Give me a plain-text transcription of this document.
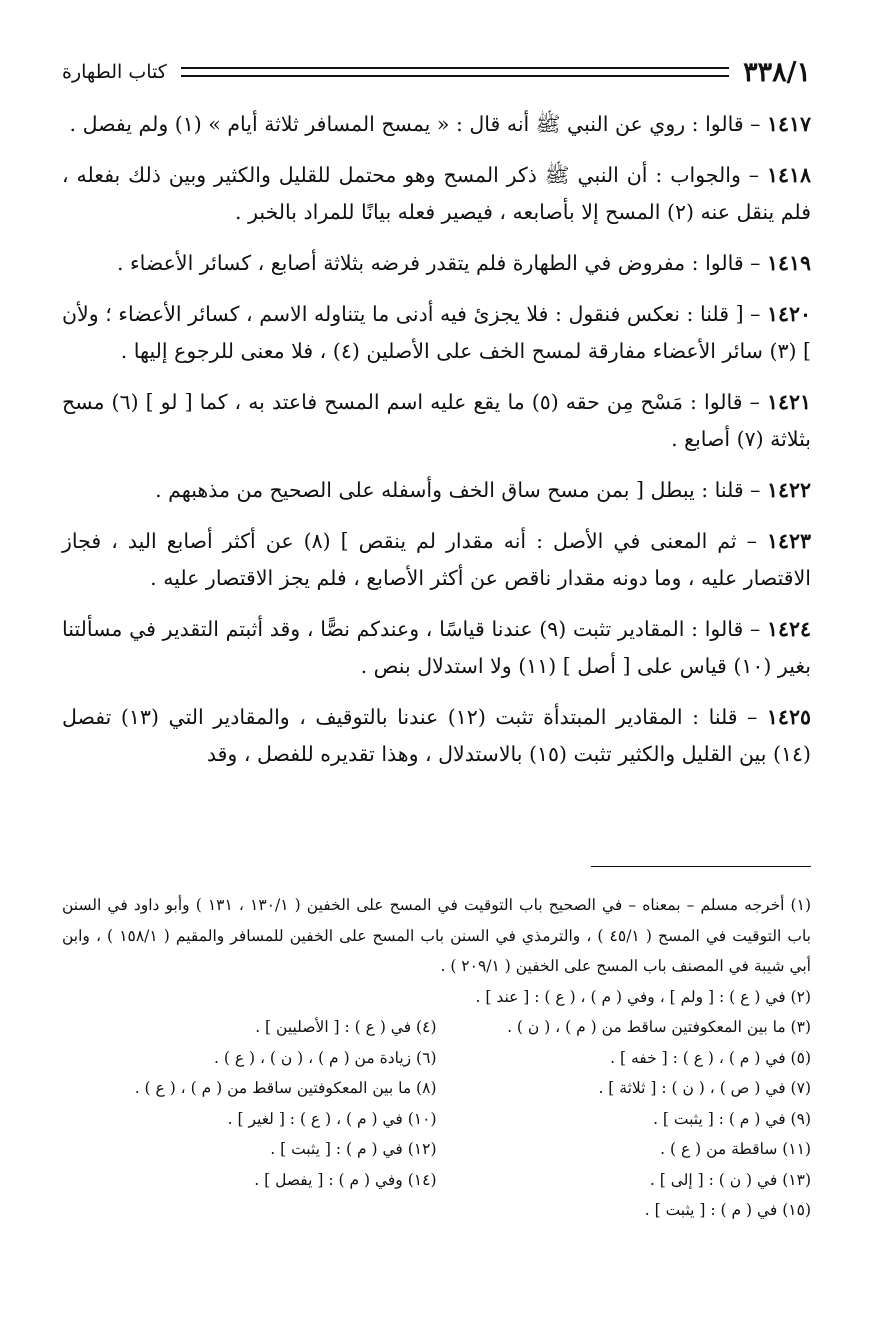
٣٣٨/١
كتاب الطهارة

١٤١٧ – قالوا : روي عن النبي ﷺ أنه قال : « يمسح المسافر ثلاثة أيام » (١) ولم يفصل .

١٤١٨ – والجواب : أن النبي ﷺ ذكر المسح وهو محتمل للقليل والكثير وبين ذلك بفعله ، فلم ينقل عنه (٢) المسح إلا بأصابعه ، فيصير فعله بيانًا للمراد بالخبر .

١٤١٩ – قالوا : مفروض في الطهارة فلم يتقدر فرضه بثلاثة أصابع ، كسائر الأعضاء .

١٤٢٠ – [ قلنا : نعكس فنقول : فلا يجزئ فيه أدنى ما يتناوله الاسم ، كسائر الأعضاء ؛ ولأن ] (٣) سائر الأعضاء مفارقة لمسح الخف على الأصلين (٤) ، فلا معنى للرجوع إليها .

١٤٢١ – قالوا : مَسْح مِن حقه (٥) ما يقع عليه اسم المسح فاعتد به ، كما [ لو ] (٦) مسح بثلاثة (٧) أصابع .

١٤٢٢ – قلنا : يبطل [ بمن مسح ساق الخف وأسفله على الصحيح من مذهبهم .

١٤٢٣ – ثم المعنى في الأصل : أنه مقدار لم ينقص ] (٨) عن أكثر أصابع اليد ، فجاز الاقتصار عليه ، وما دونه مقدار ناقص عن أكثر الأصابع ، فلم يجز الاقتصار عليه .

١٤٢٤ – قالوا : المقادير تثبت (٩) عندنا قياسًا ، وعندكم نصًّا ، وقد أثبتم التقدير في مسألتنا بغير (١٠) قياس على [ أصل ] (١١) ولا استدلال بنص .

١٤٢٥ – قلنا : المقادير المبتدأة تثبت (١٢) عندنا بالتوقيف ، والمقادير التي (١٣) تفصل (١٤) بين القليل والكثير تثبت (١٥) بالاستدلال ، وهذا تقديره للفصل ، وقد

(١) أخرجه مسلم – بمعناه – في الصحيح باب التوقيت في المسح على الخفين ( ١٣٠/١ ، ١٣١ ) وأبو داود في السنن باب التوقيت في المسح ( ٤٥/١ ) ، والترمذي في السنن باب المسح على الخفين للمسافر والمقيم ( ١٥٨/١ ) ، وابن أبي شيبة في المصنف باب المسح على الخفين ( ٢٠٩/١ ) .

(٢) في ( ع ) : [ ولم ] ، وفي ( م ) ، ( ع ) : [ عند ] .

(٣) ما بين المعكوفتين ساقط من ( م ) ، ( ن ) .
(٤) في ( ع ) : [ الأصليين ] .
(٥) في ( م ) ، ( ع ) : [ خفه ] .
(٦) زيادة من ( م ) ، ( ن ) ، ( ع ) .
(٧) في ( ص ) ، ( ن ) : [ ثلاثة ] .
(٨) ما بين المعكوفتين ساقط من ( م ) ، ( ع ) .
(٩) في ( م ) : [ يثبت ] .
(١٠) في ( م ) ، ( ع ) : [ لغير ] .
(١١) ساقطة من ( ع ) .
(١٢) في ( م ) : [ يثبت ] .
(١٣) في ( ن ) : [ إلى ] .
(١٤) وفي ( م ) : [ يفصل ] .
(١٥) في ( م ) : [ يثبت ] .
